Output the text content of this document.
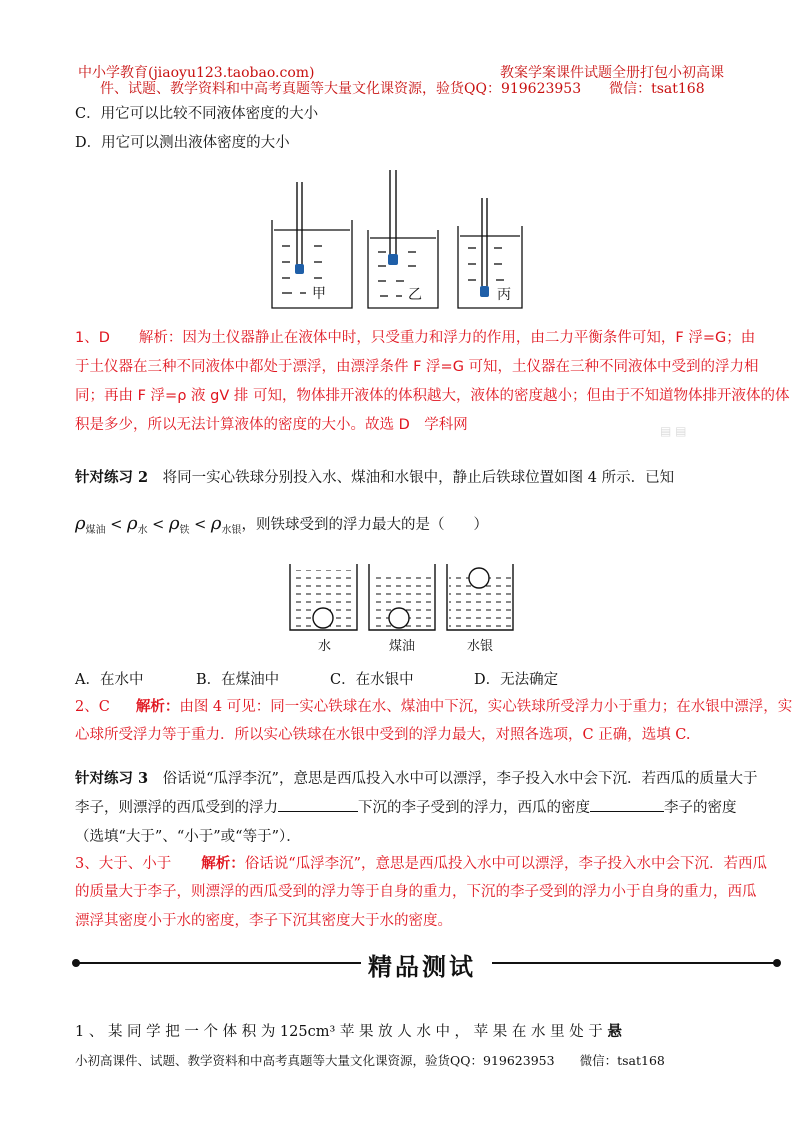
中小学教育(jiaoyu123.taobao.com)	教案学案课件试题全册打包小初高课
件、试题、教学资料和中高考真题等大量文化课资源，验货QQ：919623953　　微信：tsat168
C．用它可以比较不同液体密度的大小
D．用它可以测出液体密度的大小
甲	乙	丙
1、D　　解析：因为土仪器静止在液体中时，只受重力和浮力的作用，由二力平衡条件可知，F 浮=G；由
于土仪器在三种不同液体中都处于漂浮，由漂浮条件 F 浮=G 可知，土仪器在三种不同液体中受到的浮力相
同；再由 F 浮=ρ 液 gV 排 可知，物体排开液体的体积越大，液体的密度越小；但由于不知道物体排开液体的体
积是多少，所以无法计算液体的密度的大小。故选 D　学科网	▤ ▤
针对练习 2　将同一实心铁球分别投入水、煤油和水银中，静止后铁球位置如图 4 所示．已知
$\rho_{煤油} < \rho_水 < \rho_铁 < \rho_{水银}$，则铁球受到的浮力最大的是（　　）
水	煤油	水银
A．在水中	B．在煤油中	C．在水银中	D．无法确定
2、C 解析：由图 4 可见：同一实心铁球在水、煤油中下沉，实心铁球所受浮力小于重力；在水银中漂浮，实
心球所受浮力等于重力．所以实心铁球在水银中受到的浮力最大，对照各选项，C 正确，选填 C.
针对练习 3　俗话说“瓜浮李沉”，意思是西瓜投入水中可以漂浮，李子投入水中会下沉．若西瓜的质量大于
李子，则漂浮的西瓜受到的浮力	下沉的李子受到的浮力，西瓜的密度	李子的密度
（选填“大于”、“小于”或“等于”）．
3、大于、小于 解析：俗话说“瓜浮李沉”，意思是西瓜投入水中可以漂浮，李子投入水中会下沉．若西瓜
的质量大于李子，则漂浮的西瓜受到的浮力等于自身的重力，下沉的李子受到的浮力小于自身的重力，西瓜
漂浮其密度小于水的密度，李子下沉其密度大于水的密度。
精品测试
1 、 某 同 学 把 一 个 体 积 为 125cm³ 苹 果 放 人 水 中 ， 苹 果 在 水 里 处 于 悬
小初高课件、试题、教学资料和中高考真题等大量文化课资源，验货QQ：919623953　　微信：tsat168
